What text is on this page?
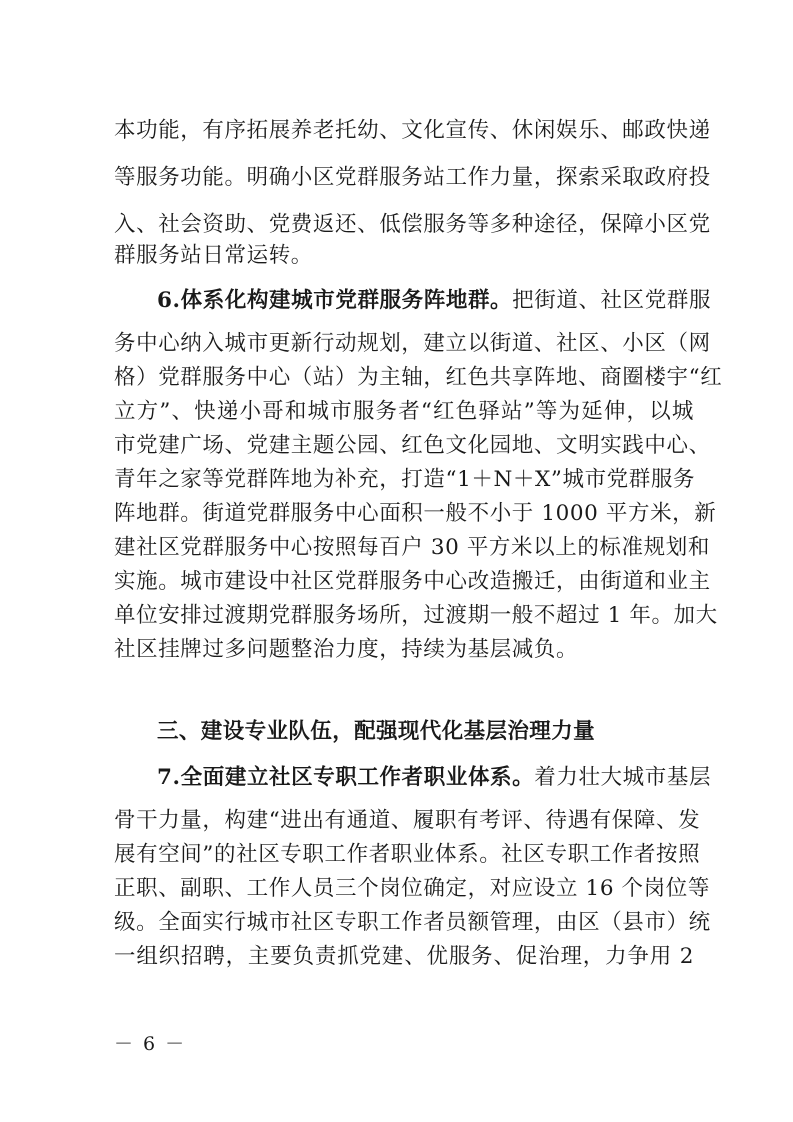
本功能，有序拓展养老托幼、文化宣传、休闲娱乐、邮政快递
等服务功能。明确小区党群服务站工作力量，探索采取政府投
入、社会资助、党费返还、低偿服务等多种途径，保障小区党
群服务站日常运转。
6.体系化构建城市党群服务阵地群。把街道、社区党群服
务中心纳入城市更新行动规划，建立以街道、社区、小区（网
格）党群服务中心（站）为主轴，红色共享阵地、商圈楼宇“红
立方”、快递小哥和城市服务者“红色驿站”等为延伸，以城
市党建广场、党建主题公园、红色文化园地、文明实践中心、
青年之家等党群阵地为补充，打造“1＋N＋X”城市党群服务
阵地群。街道党群服务中心面积一般不小于 1000 平方米，新
建社区党群服务中心按照每百户 30 平方米以上的标准规划和
实施。城市建设中社区党群服务中心改造搬迁，由街道和业主
单位安排过渡期党群服务场所，过渡期一般不超过 1 年。加大
社区挂牌过多问题整治力度，持续为基层减负。
三、建设专业队伍，配强现代化基层治理力量
7.全面建立社区专职工作者职业体系。着力壮大城市基层
骨干力量，构建“进出有通道、履职有考评、待遇有保障、发
展有空间”的社区专职工作者职业体系。社区专职工作者按照
正职、副职、工作人员三个岗位确定，对应设立 16 个岗位等
级。全面实行城市社区专职工作者员额管理，由区（县市）统
一组织招聘，主要负责抓党建、优服务、促治理，力争用 2
－ 6 －
